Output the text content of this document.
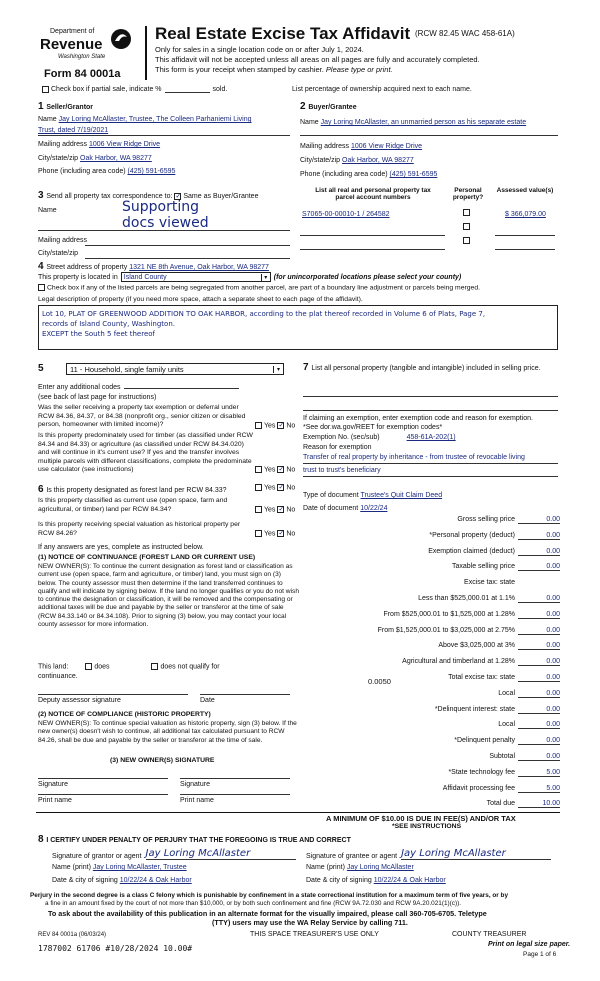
Department of
Revenue
Washington State
Form 84 0001a
Real Estate Excise Tax Affidavit (RCW 82.45 WAC 458-61A)
Only for sales in a single location code on or after July 1, 2024.
This affidavit will not be accepted unless all areas on all pages are fully and accurately completed.
This form is your receipt when stamped by cashier. Please type or print.
Check box if partial sale, indicate %	sold.	List percentage of ownership acquired next to each name.
1 Seller/Grantor
Name Jay Loring McAllaster, Trustee, The Colleen Parhaniemi Living
Trust, dated 7/19/2021
Mailing address 1006 View Ridge Drive
City/state/zip Oak Harbor, WA 98277
Phone (including area code) (425) 591-6595
2 Buyer/Grantee
Name Jay Loring McAllaster, an unmarried person as his separate estate
Mailing address 1006 View Ridge Drive
City/state/zip Oak Harbor, WA 98277
Phone (including area code) (425) 591-6595
3 Send all property tax correspondence to: ✓ Same as Buyer/Grantee
Name	Supporting
docs viewed
Mailing address
City/state/zip
List all real and personal property tax parcel account numbers
Personal property?
Assessed value(s)
S7065-00-00010-1 / 264582	$ 366,079.00
4 Street address of property 1321 NE 8th Avenue, Oak Harbor, WA 98277
This property is located in Island County	▾ (for unincorporated locations please select your county)
Check box if any of the listed parcels are being segregated from another parcel, are part of a boundary line adjustment or parcels being merged.
Legal description of property (if you need more space, attach a separate sheet to each page of the affidavit).
Lot 10, PLAT OF GREENWOOD ADDITION TO OAK HARBOR, according to the plat thereof recorded in Volume 6 of Plats, Page 7,
records of Island County, Washington.
EXCEPT the South 5 feet thereof
5	11 - Household, single family units	▾
Enter any additional codes
(see back of last page for instructions)
Was the seller receiving a property tax exemption or deferral under RCW 84.36, 84.37, or 84.38 (nonprofit org., senior citizen or disabled person, homeowner with limited income)?	Yes ✓ No
Is this property predominately used for timber (as classified under RCW 84.34 and 84.33) or agriculture (as classified under RCW 84.34.020) and will continue in it's current use? If yes and the transfer involves multiple parcels with different classifications, complete the predominate use calculator (see instructions)	Yes ✓ No
6 Is this property designated as forest land per RCW 84.33?	Yes ✓ No
Is this property classified as current use (open space, farm and agricultural, or timber) land per RCW 84.34?	Yes ✓ No
Is this property receiving special valuation as historical property per RCW 84.26?	Yes ✓ No
If any answers are yes, complete as instructed below.
(1) NOTICE OF CONTINUANCE (FOREST LAND OR CURRENT USE)
NEW OWNER(S): To continue the current designation as forest land or classification as current use (open space, farm and agriculture, or timber) land, you must sign on (3) below. The county assessor must then determine if the land transferred continues to qualify and will indicate by signing below. If the land no longer qualifies or you do not wish to continue the designation or classification, it will be removed and the compensating or additional taxes will be due and payable by the seller or transferor at the time of sale (RCW 84.33.140 or 84.34.108). Prior to signing (3) below, you may contact your local county assessor for more information.
This land:	does	does not qualify for
continuance.
Deputy assessor signature	Date
(2) NOTICE OF COMPLIANCE (HISTORIC PROPERTY)
NEW OWNER(S): To continue special valuation as historic property, sign (3) below. If the new owner(s) doesn't wish to continue, all additional tax calculated pursuant to RCW 84.26, shall be due and payable by the seller or transferor at the time of sale.
(3) NEW OWNER(S) SIGNATURE
Signature	Signature
Print name	Print name
7 List all personal property (tangible and intangible) included in selling price.
If claiming an exemption, enter exemption code and reason for exemption. *See dor.wa.gov/REET for exemption codes*
Exemption No. (sec/sub)	458-61A-202(1)
Reason for exemption
Transfer of real property by inheritance - from trustee of revocable living
trust to trust's beneficiary
Type of document Trustee's Quit Claim Deed
Date of document 10/22/24
Gross selling price	0.00
*Personal property (deduct)	0.00
Exemption claimed (deduct)	0.00
Taxable selling price	0.00
Excise tax: state
Less than $525,000.01 at 1.1%	0.00
From $525,000.01 to $1,525,000 at 1.28%	0.00
From $1,525,000.01 to $3,025,000 at 2.75%	0.00
Above $3,025,000 at 3%	0.00
Agricultural and timberland at 1.28%	0.00
Total excise tax: state	0.00
Local	0.00
*Delinquent interest: state	0.00
Local	0.00
*Delinquent penalty	0.00
Subtotal	0.00
*State technology fee	5.00
Affidavit processing fee	5.00
Total due	10.00
0.0050
A MINIMUM OF $10.00 IS DUE IN FEE(S) AND/OR TAX
*SEE INSTRUCTIONS
8 I CERTIFY UNDER PENALTY OF PERJURY THAT THE FOREGOING IS TRUE AND CORRECT
Signature of grantor or agent Jay Loring McAllaster	Signature of grantee or agent Jay Loring McAllaster
Name (print) Jay Loring McAllaster, Trustee	Name (print) Jay Loring McAllaster
Date & city of signing 10/22/24 & Oak Harbor	Date & city of signing 10/22/24 & Oak Harbor
Perjury in the second degree is a class C felony which is punishable by confinement in a state correctional institution for a maximum term of five years, or by
a fine in an amount fixed by the court of not more than $10,000, or by both such confinement and fine (RCW 9A.72.030 and RCW 9A.20.021(1)(c)).
To ask about the availability of this publication in an alternate format for the visually impaired, please call 360-705-6705. Teletype
(TTY) users may use the WA Relay Service by calling 711.
REV 84 0001a (06/03/24)	THIS SPACE TREASURER'S USE ONLY	COUNTY TREASURER
1787002 61706 #10/28/2024 10.00#	Print on legal size paper.
Page 1 of 6
